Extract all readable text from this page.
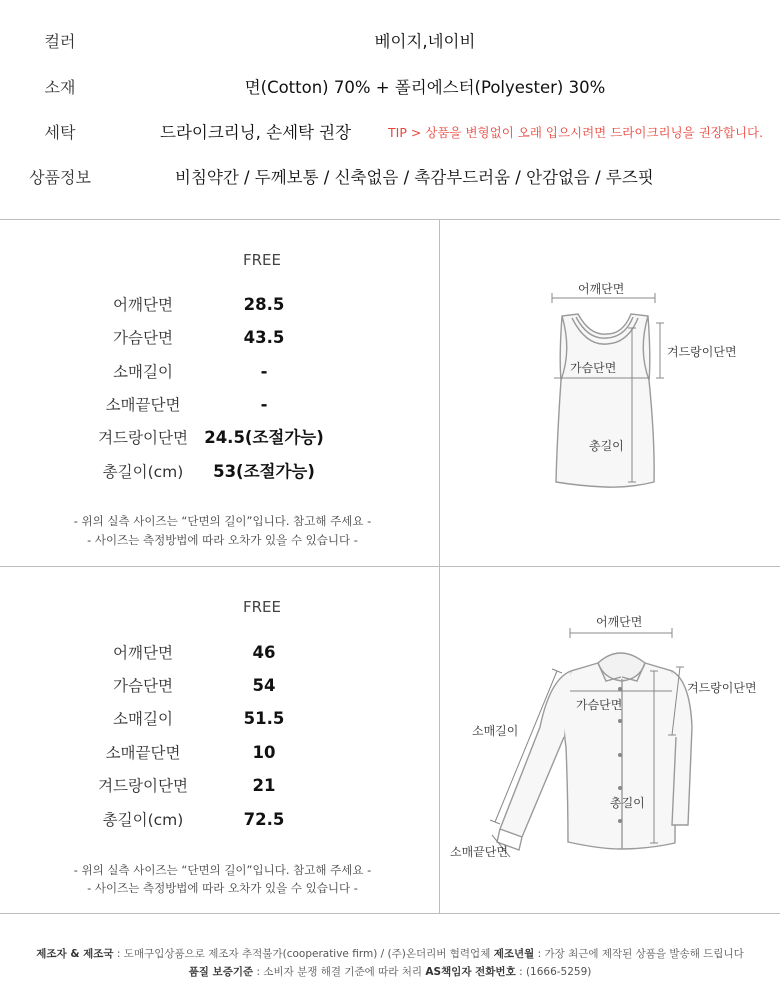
컬러	베이지,네이비
소재	면(Cotton) 70% + 폴리에스터(Polyester) 30%
세탁	드라이크리닝, 손세탁 권장	TIP > 상품을 변형없이 오래 입으시려면 드라이크리닝을 권장합니다.
상품정보	비침약간 / 두께보통 / 신축없음 / 촉감부드러움 / 안감없음 / 루즈핏
FREE
어깨단면	28.5
가슴단면	43.5
소매길이	-
소매끝단면	-
겨드랑이단면 24.5(조절가능)
총길이(cm)	53(조절가능)
- 위의 실측 사이즈는 “단면의 길이”입니다. 참고해 주세요 -
- 사이즈는 측정방법에 따라 오차가 있을 수 있습니다 -
어깨단면
겨드랑이단면
가슴단면
총길이
FREE
어깨단면	46
가슴단면	54
소매길이	51.5
소매끝단면	10
겨드랑이단면	21
총길이(cm)	72.5
- 위의 실측 사이즈는 “단면의 길이”입니다. 참고해 주세요 -
- 사이즈는 측정방법에 따라 오차가 있을 수 있습니다 -
어깨단면
겨드랑이단면
가슴단면
소매길이
총길이
소매끝단면
제조자 & 제조국 : 도매구입상품으로 제조자 추적불가(cooperative firm) / (주)온더리버 협력업체 제조년월 : 가장 최근에 제작된 상품을 발송해 드립니다
품질 보증기준 : 소비자 분쟁 해결 기준에 따라 처리 AS책임자 전화번호 : (1666-5259)
